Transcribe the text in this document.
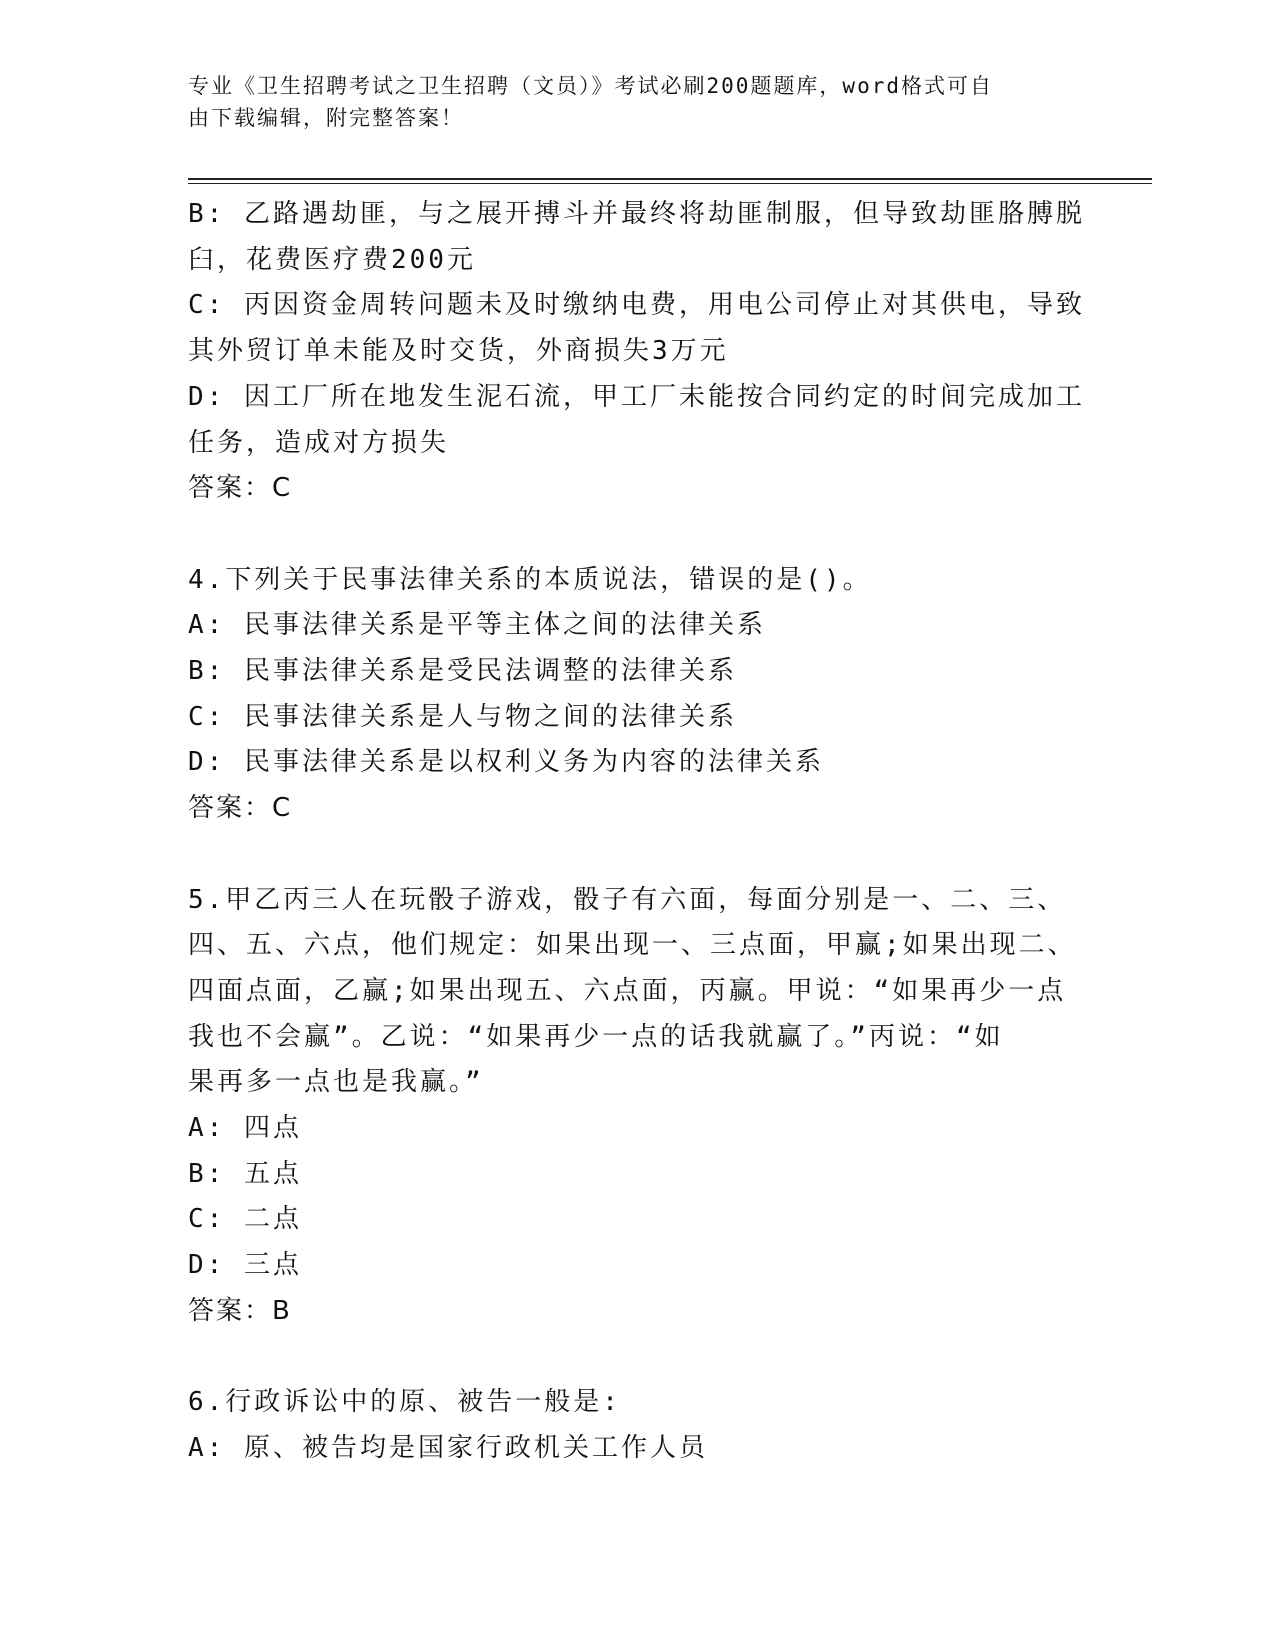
专业《卫生招聘考试之卫生招聘（文员）》考试必刷200题题库，word格式可自
由下载编辑，附完整答案！
B: 乙路遇劫匪，与之展开搏斗并最终将劫匪制服，但导致劫匪胳膊脱
臼，花费医疗费200元
C: 丙因资金周转问题未及时缴纳电费，用电公司停止对其供电，导致
其外贸订单未能及时交货，外商损失3万元
D: 因工厂所在地发生泥石流，甲工厂未能按合同约定的时间完成加工
任务，造成对方损失
答案：C
4.下列关于民事法律关系的本质说法，错误的是()。
A: 民事法律关系是平等主体之间的法律关系
B: 民事法律关系是受民法调整的法律关系
C: 民事法律关系是人与物之间的法律关系
D: 民事法律关系是以权利义务为内容的法律关系
答案：C
5.甲乙丙三人在玩骰子游戏，骰子有六面，每面分别是一、二、三、
四、五、六点，他们规定：如果出现一、三点面，甲赢;如果出现二、
四面点面，乙赢;如果出现五、六点面，丙赢。甲说：“如果再少一点
我也不会赢”。乙说：“如果再少一点的话我就赢了。”丙说：“如
果再多一点也是我赢。”
A: 四点
B: 五点
C: 二点
D: 三点
答案：B
6.行政诉讼中的原、被告一般是:
A: 原、被告均是国家行政机关工作人员
